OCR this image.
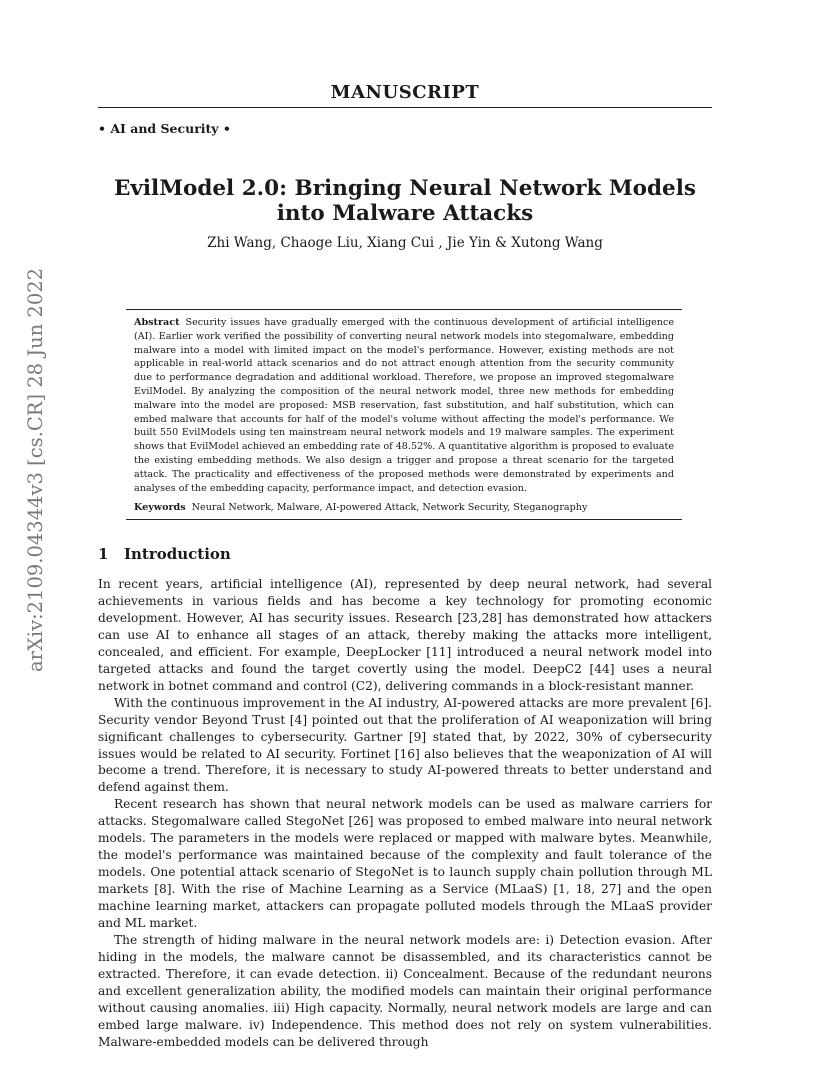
MANUSCRIPT
• AI and Security •
EvilModel 2.0: Bringing Neural Network Models into Malware Attacks
Zhi Wang, Chaoge Liu, Xiang Cui , Jie Yin & Xutong Wang
arXiv:2109.04344v3 [cs.CR] 28 Jun 2022	Abstract Security issues have gradually emerged with the continuous development of artificial intelligence (AI). Earlier work verified the possibility of converting neural network models into stegomalware, embedding malware into a model with limited impact on the model's performance. However, existing methods are not applicable in real-world attack scenarios and do not attract enough attention from the security community due to performance degradation and additional workload. Therefore, we propose an improved stegomalware EvilModel. By analyzing the composition of the neural network model, three new methods for embedding malware into the model are proposed: MSB reservation, fast substitution, and half substitution, which can embed malware that accounts for half of the model's volume without affecting the model's performance. We built 550 EvilModels using ten mainstream neural network models and 19 malware samples. The experiment shows that EvilModel achieved an embedding rate of 48.52%. A quantitative algorithm is proposed to evaluate the existing embedding methods. We also design a trigger and propose a threat scenario for the targeted attack. The practicality and effectiveness of the proposed methods were demonstrated by experiments and analyses of the embedding capacity, performance impact, and detection evasion.
Keywords Neural Network, Malware, AI-powered Attack, Network Security, Steganography
1 Introduction

In recent years, artificial intelligence (AI), represented by deep neural network, had several achievements in various fields and has become a key technology for promoting economic development. However, AI has security issues. Research [23,28] has demonstrated how attackers can use AI to enhance all stages of an attack, thereby making the attacks more intelligent, concealed, and efficient. For example, DeepLocker [11] introduced a neural network model into targeted attacks and found the target covertly using the model. DeepC2 [44] uses a neural network in botnet command and control (C2), delivering commands in a block-resistant manner.

With the continuous improvement in the AI industry, AI-powered attacks are more prevalent [6]. Security vendor Beyond Trust [4] pointed out that the proliferation of AI weaponization will bring significant challenges to cybersecurity. Gartner [9] stated that, by 2022, 30% of cybersecurity issues would be related to AI security. Fortinet [16] also believes that the weaponization of AI will become a trend. Therefore, it is necessary to study AI-powered threats to better understand and defend against them.

Recent research has shown that neural network models can be used as malware carriers for attacks. Stegomalware called StegoNet [26] was proposed to embed malware into neural network models. The parameters in the models were replaced or mapped with malware bytes. Meanwhile, the model's performance was maintained because of the complexity and fault tolerance of the models. One potential attack scenario of StegoNet is to launch supply chain pollution through ML markets [8]. With the rise of Machine Learning as a Service (MLaaS) [1, 18, 27] and the open machine learning market, attackers can propagate polluted models through the MLaaS provider and ML market.

The strength of hiding malware in the neural network models are: i) Detection evasion. After hiding in the models, the malware cannot be disassembled, and its characteristics cannot be extracted. Therefore, it can evade detection. ii) Concealment. Because of the redundant neurons and excellent generalization ability, the modified models can maintain their original performance without causing anomalies. iii) High capacity. Normally, neural network models are large and can embed large malware. iv) Independence. This method does not rely on system vulnerabilities. Malware-embedded models can be delivered through
